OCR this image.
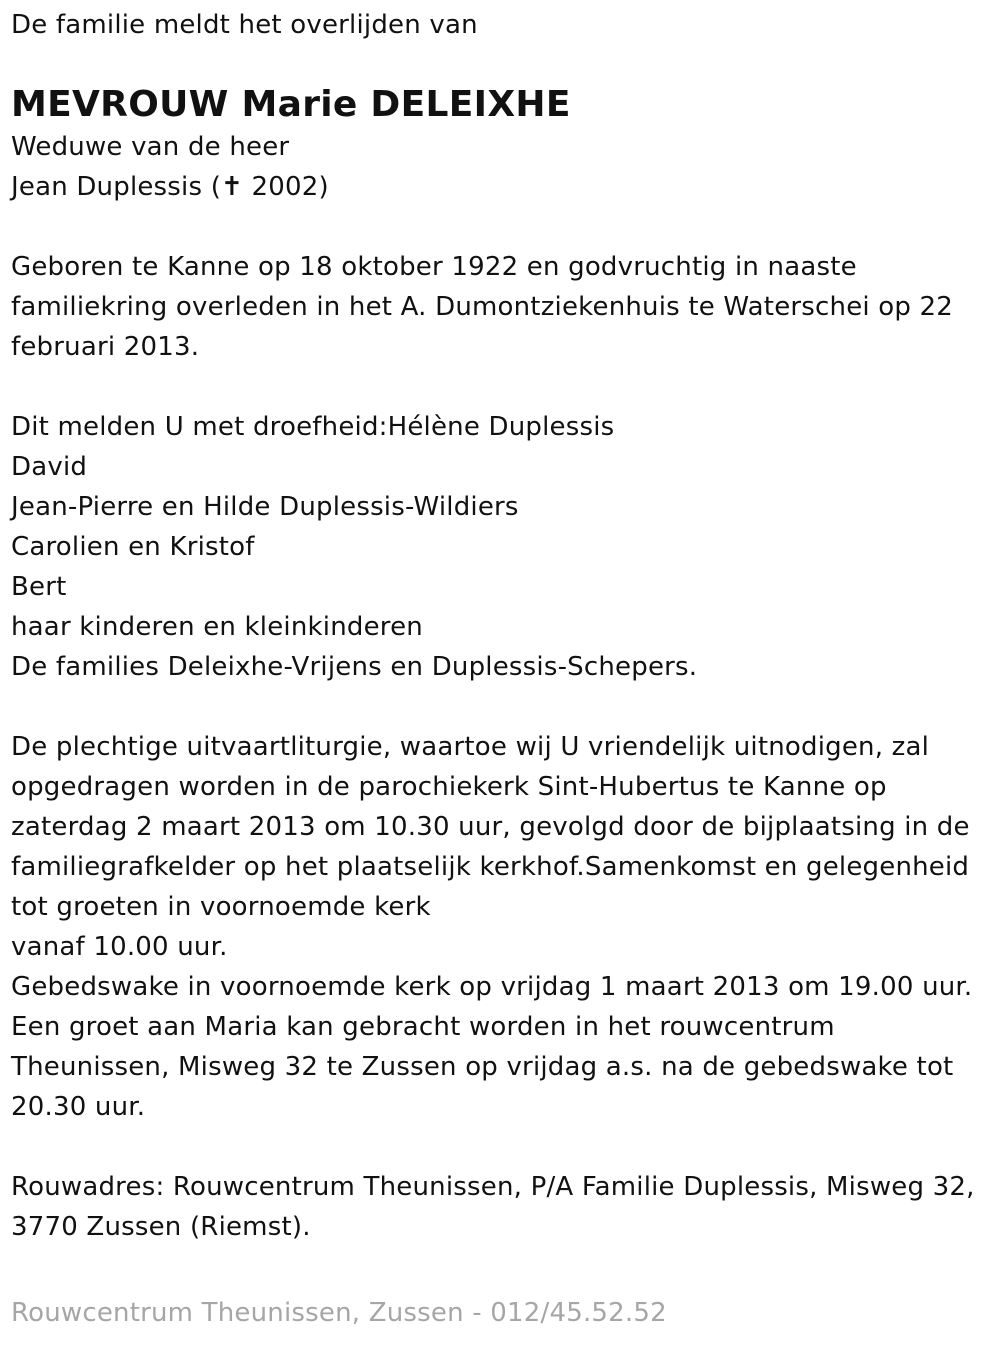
De familie meldt het overlijden van
MEVROUW Marie DELEIXHE
Weduwe van de heer
Jean Duplessis (✝ 2002)
Geboren te Kanne op 18 oktober 1922 en godvruchtig in naaste
familiekring overleden in het A. Dumontziekenhuis te Waterschei op 22
februari 2013.
Dit melden U met droefheid:Hélène Duplessis
David
Jean-Pierre en Hilde Duplessis-Wildiers
Carolien en Kristof
Bert
haar kinderen en kleinkinderen
De families Deleixhe-Vrijens en Duplessis-Schepers.
De plechtige uitvaartliturgie, waartoe wij U vriendelijk uitnodigen, zal
opgedragen worden in de parochiekerk Sint-Hubertus te Kanne op
zaterdag 2 maart 2013 om 10.30 uur, gevolgd door de bijplaatsing in de
familiegrafkelder op het plaatselijk kerkhof.Samenkomst en gelegenheid
tot groeten in voornoemde kerk
vanaf 10.00 uur.
Gebedswake in voornoemde kerk op vrijdag 1 maart 2013 om 19.00 uur.
Een groet aan Maria kan gebracht worden in het rouwcentrum
Theunissen, Misweg 32 te Zussen op vrijdag a.s. na de gebedswake tot
20.30 uur.
Rouwadres: Rouwcentrum Theunissen, P/A Familie Duplessis, Misweg 32,
3770 Zussen (Riemst).
Rouwcentrum Theunissen, Zussen - 012/45.52.52
